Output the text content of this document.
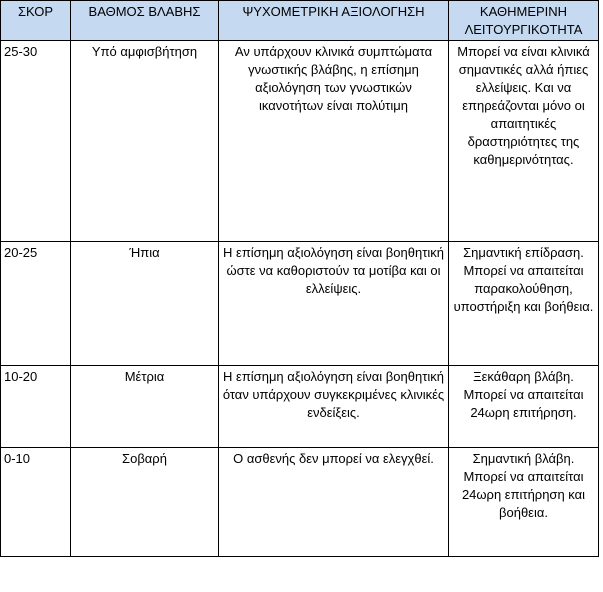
ΣΚΟΡ	ΒΑΘΜΟΣ ΒΛΑΒΗΣ	ΨΥΧΟΜΕΤΡΙΚΗ ΑΞΙΟΛΟΓΗΣΗ	ΚΑΘΗΜΕΡΙΝΗ ΛΕΙΤΟΥΡΓΙΚΟΤΗΤΑ
25-30	Υπό αμφισβήτηση	Αν υπάρχουν κλινικά συμπτώματα γνωστικής βλάβης, η επίσημη αξιολόγηση των γνωστικών ικανοτήτων είναι πολύτιμη	Μπορεί να είναι κλινικά σημαντικές αλλά ήπιες ελλείψεις. Και να επηρεάζονται μόνο οι απαιτητικές δραστηριότητες της καθημερινότητας.
20-25	Ήπια	Η επίσημη αξιολόγηση είναι βοηθητική ώστε να καθοριστούν τα μοτίβα και οι ελλείψεις.	Σημαντική επίδραση. Μπορεί να απαιτείται παρακολούθηση, υποστήριξη και βοήθεια.
10-20	Μέτρια	Η επίσημη αξιολόγηση είναι βοηθητική όταν υπάρχουν συγκεκριμένες κλινικές ενδείξεις.	Ξεκάθαρη βλάβη. Μπορεί να απαιτείται 24ωρη επιτήρηση.
0-10	Σοβαρή	Ο ασθενής δεν μπορεί να ελεγχθεί.	Σημαντική βλάβη. Μπορεί να απαιτείται 24ωρη επιτήρηση και βοήθεια.
